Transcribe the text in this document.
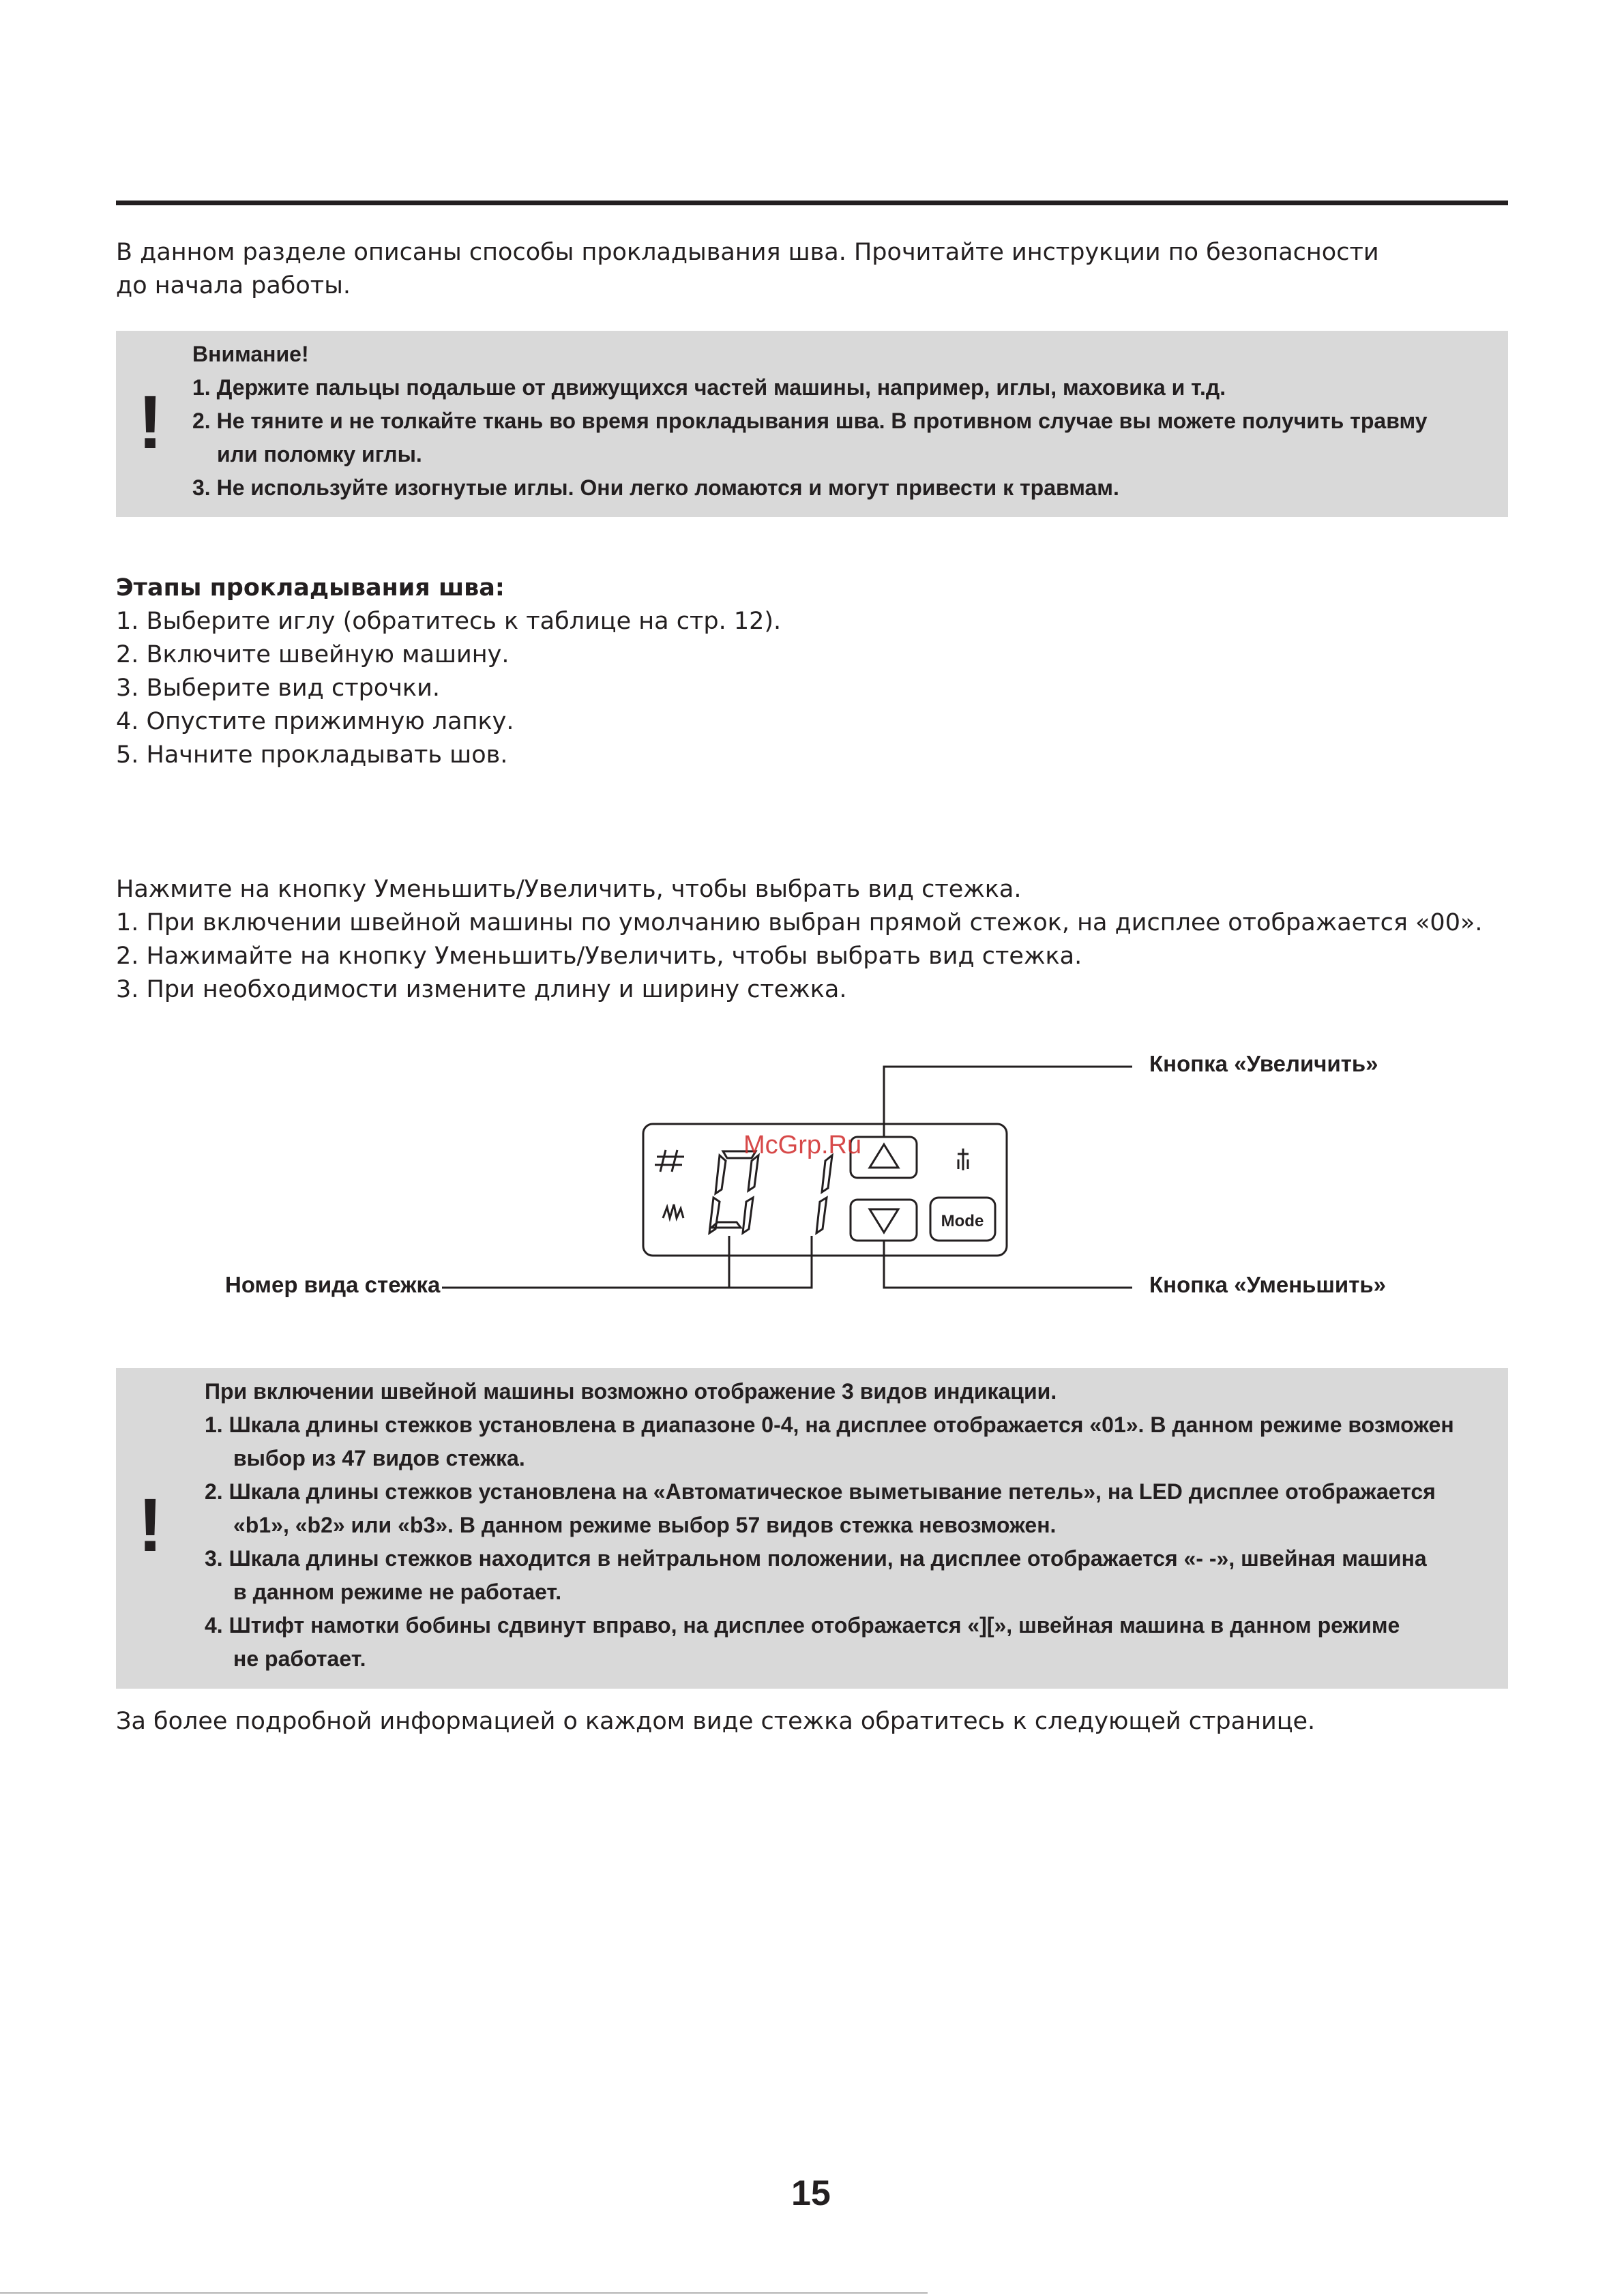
В данном разделе описаны способы прокладывания шва. Прочитайте инструкции по безопасности

до начала работы.

!
Внимание!
1. Держите пальцы подальше от движущихся частей машины, например, иглы, маховика и т.д.
2. Не тяните и не толкайте ткань во время прокладывания шва. В противном случае вы можете получить травму
или поломку иглы.
3. Не используйте изогнутые иглы. Они легко ломаются и могут привести к травмам.

Этапы прокладывания шва:

1. Выберите иглу (обратитесь к таблице на стр. 12).

2. Включите швейную машину.

3. Выберите вид строчки.

4. Опустите прижимную лапку.

5. Начните прокладывать шов.

Нажмите на кнопку Уменьшить/Увеличить, чтобы выбрать вид стежка.

1. При включении швейной машины по умолчанию выбран прямой стежок, на дисплее отображается «00».

2. Нажимайте на кнопку Уменьшить/Увеличить, чтобы выбрать вид стежка.

3. При необходимости измените длину и ширину стежка.

Mode
Кнопка «Увеличить»
Кнопка «Уменьшить»
Номер вида стежка
McGrp.Ru
!
При включении швейной машины возможно отображение 3 видов индикации.
1. Шкала длины стежков установлена в диапазоне 0-4, на дисплее отображается «01». В данном режиме возможен
выбор из 47 видов стежка.
2. Шкала длины стежков установлена на «Автоматическое выметывание петель», на LED дисплее отображается
«b1», «b2» или «b3». В данном режиме выбор 57 видов стежка невозможен.
3. Шкала длины стежков находится в нейтральном положении, на дисплее отображается «- -», швейная машина
в данном режиме не работает.
4. Штифт намотки бобины сдвинут вправо, на дисплее отображается «][», швейная машина в данном режиме
не работает.

За более подробной информацией о каждом виде стежка обратитесь к следующей странице.

15
